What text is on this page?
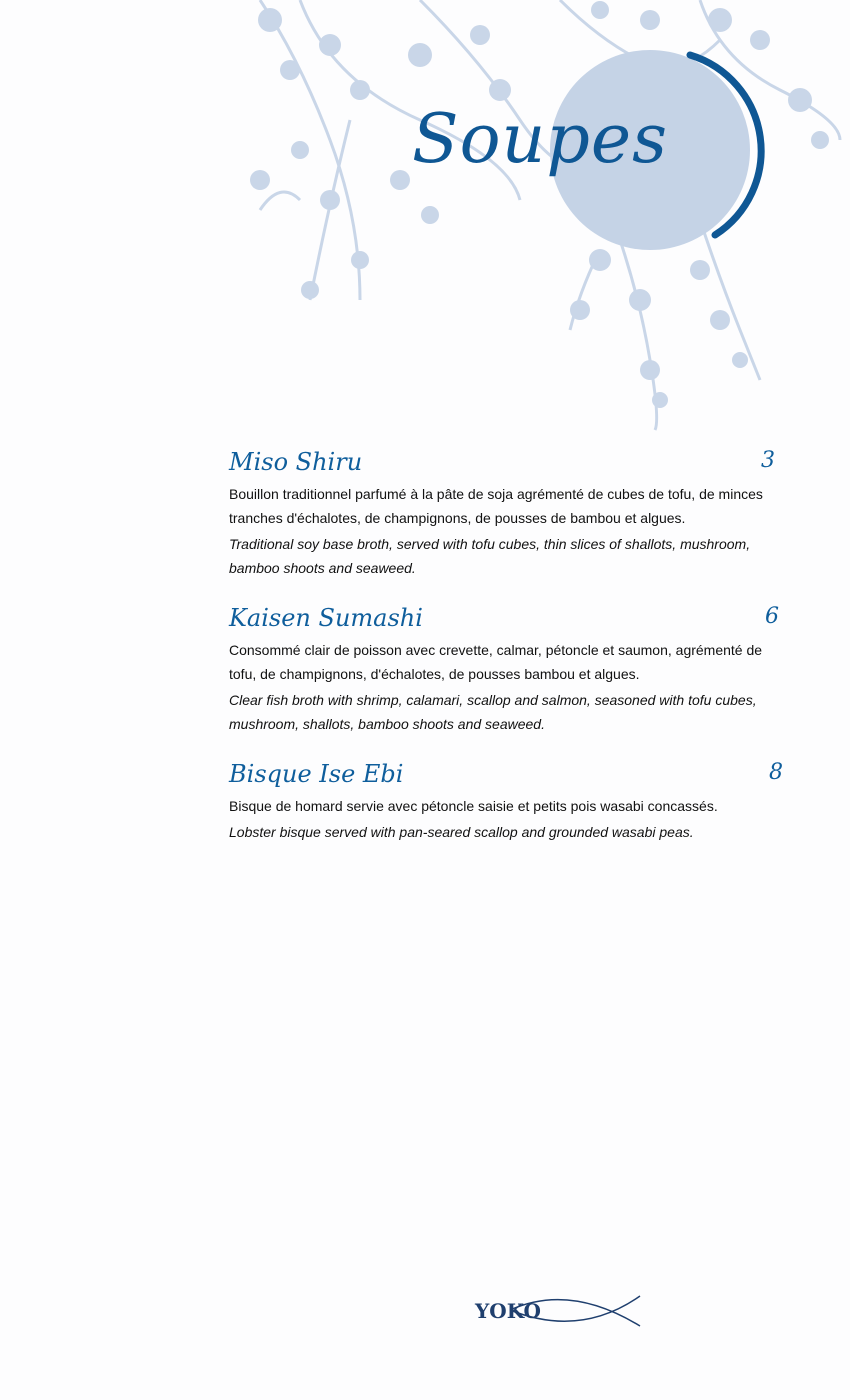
Soupes
Miso Shiru	3

Bouillon traditionnel parfumé à la pâte de soja agrémenté de cubes de tofu, de minces tranches d'échalotes, de champignons, de pousses de bambou et algues.

Traditional soy base broth, served with tofu cubes, thin slices of shallots, mushroom, bamboo shoots and seaweed.

Kaisen Sumashi	6

Consommé clair de poisson avec crevette, calmar, pétoncle et saumon, agrémenté de tofu, de champignons, d'échalotes, de pousses bambou et algues.

Clear fish broth with shrimp, calamari, scallop and salmon, seasoned with tofu cubes, mushroom, shallots, bamboo shoots and seaweed.

Bisque Ise Ebi	8

Bisque de homard servie avec pétoncle saisie et petits pois wasabi concassés.

Lobster bisque served with pan-seared scallop and grounded wasabi peas.

YOKO
